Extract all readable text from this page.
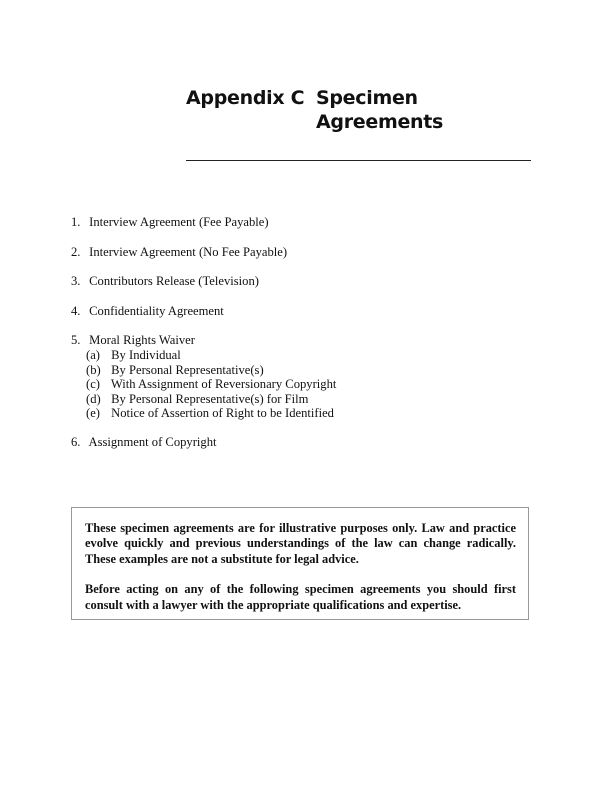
Appendix C Specimen
Agreements
1. Interview Agreement (Fee Payable)
2. Interview Agreement (No Fee Payable)
3. Contributors Release (Television)
4. Confidentiality Agreement
5. Moral Rights Waiver
(a) By Individual
(b) By Personal Representative(s)
(c) With Assignment of Reversionary Copyright
(d) By Personal Representative(s) for Film
(e) Notice of Assertion of Right to be Identified
6. Assignment of Copyright

These specimen agreements are for illustrative purposes only. Law and practice evolve quickly and previous understandings of the law can change radically. These examples are not a substitute for legal advice.

Before acting on any of the following specimen agreements you should first consult with a lawyer with the appropriate qualifications and expertise.
